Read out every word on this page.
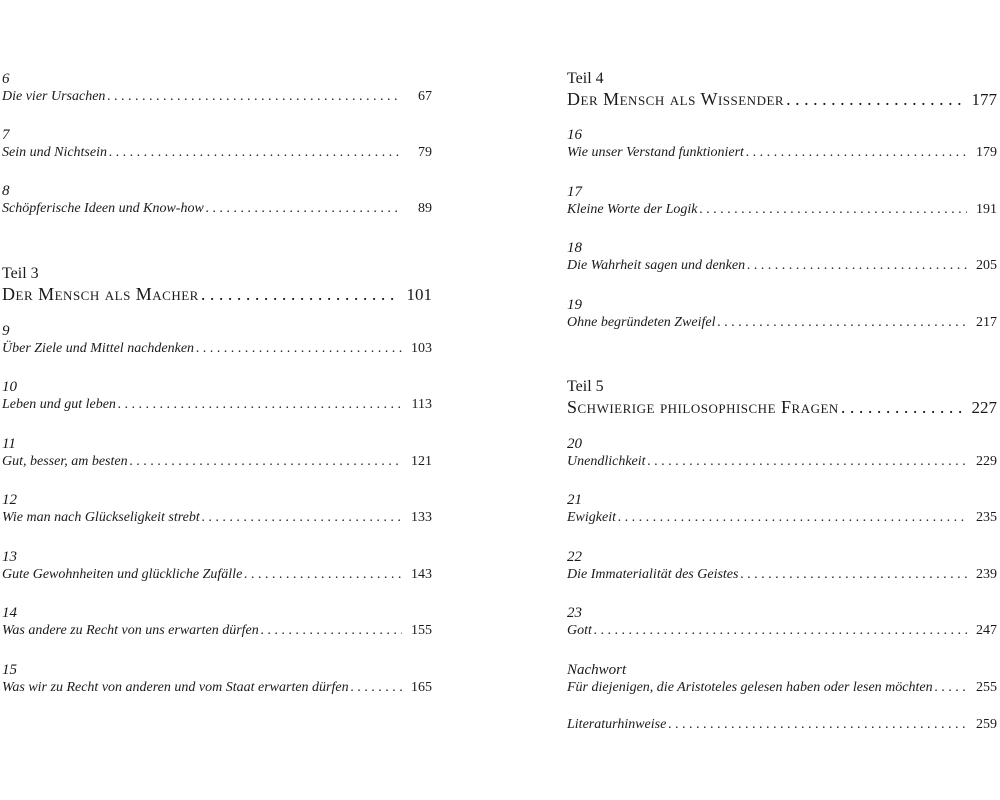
6
Die vier Ursachen . . .	67
7
Sein und Nichtsein . . .	79
8
Schöpferische Ideen und Know-how . . .	89
Teil 3
Der Mensch als Macher . . .	101
9
Über Ziele und Mittel nachdenken . . .	103
10
Leben und gut leben . . .	113
11
Gut, besser, am besten . . .	121
12
Wie man nach Glückseligkeit strebt . . .	133
13
Gute Gewohnheiten und glückliche Zufälle . . .	143
14
Was andere zu Recht von uns erwarten dürfen . . .	155
15
Was wir zu Recht von anderen und vom Staat erwarten dürfen . . .	165
Teil 4
Der Mensch als Wissender . . .	177
16
Wie unser Verstand funktioniert . . .	179
17
Kleine Worte der Logik . . .	191
18
Die Wahrheit sagen und denken . . .	205
19
Ohne begründeten Zweifel . . .	217
Teil 5
Schwierige philosophische Fragen . . .	227
20
Unendlichkeit . . .	229
21
Ewigkeit . . .	235
22
Die Immaterialität des Geistes . . .	239
23
Gott . . .	247
Nachwort
Für diejenigen, die Aristoteles gelesen haben oder lesen möchten . . .	255
Literaturhinweise . . .	259
